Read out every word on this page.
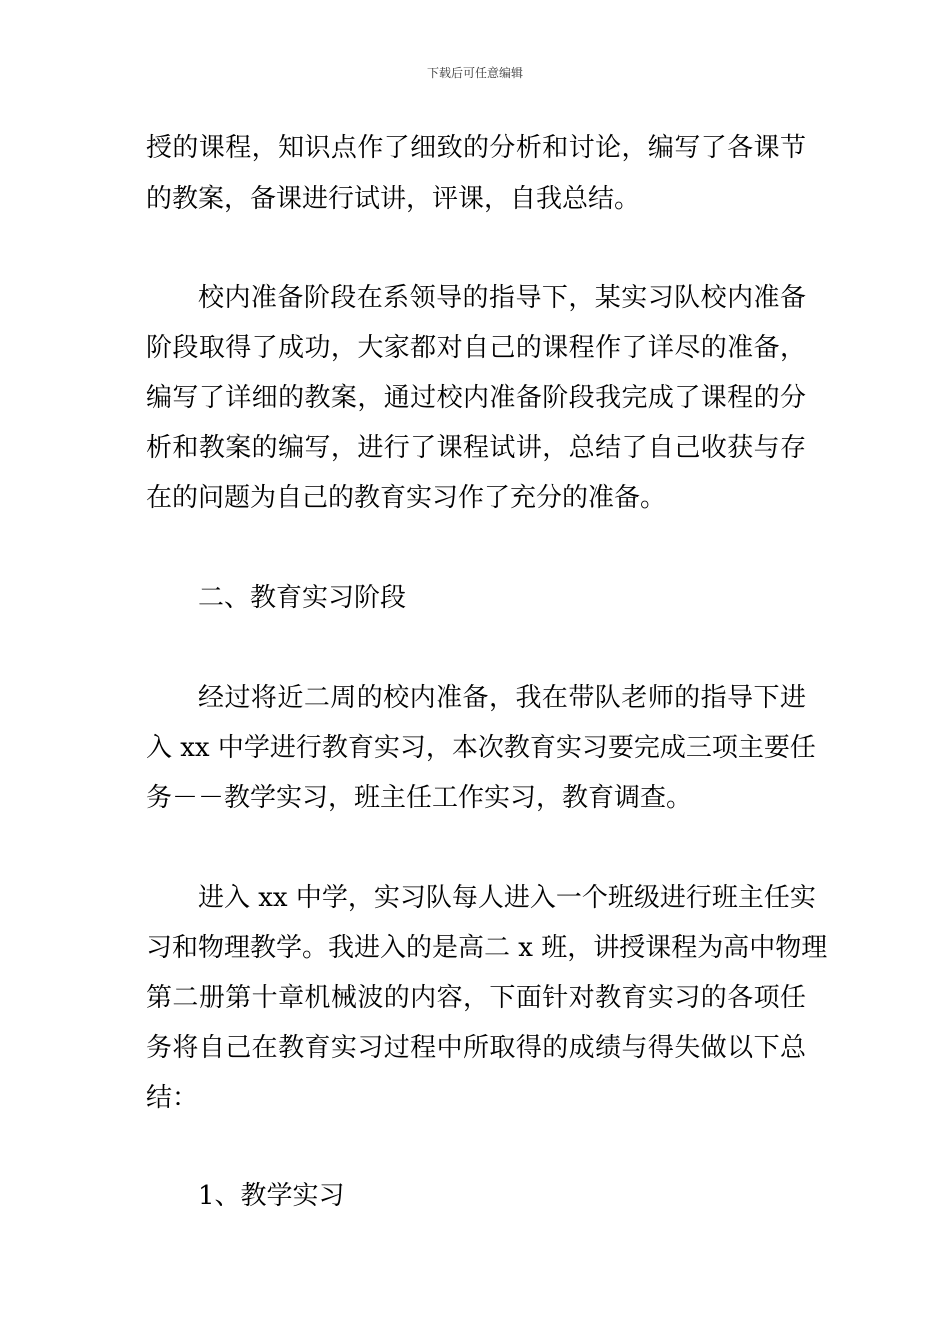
下载后可任意编辑
授的课程，知识点作了细致的分析和讨论，编写了各课节
的教案，备课进行试讲，评课，自我总结。
校内准备阶段在系领导的指导下，某实习队校内准备
阶段取得了成功，大家都对自己的课程作了详尽的准备，
编写了详细的教案，通过校内准备阶段我完成了课程的分
析和教案的编写，进行了课程试讲，总结了自己收获与存
在的问题为自己的教育实习作了充分的准备。
二、教育实习阶段
经过将近二周的校内准备，我在带队老师的指导下进
入 xx 中学进行教育实习，本次教育实习要完成三项主要任
务－－教学实习，班主任工作实习，教育调查。
进入 xx 中学，实习队每人进入一个班级进行班主任实
习和物理教学。我进入的是高二 x 班，讲授课程为高中物理
第二册第十章机械波的内容，下面针对教育实习的各项任
务将自己在教育实习过程中所取得的成绩与得失做以下总
结：
1、教学实习
